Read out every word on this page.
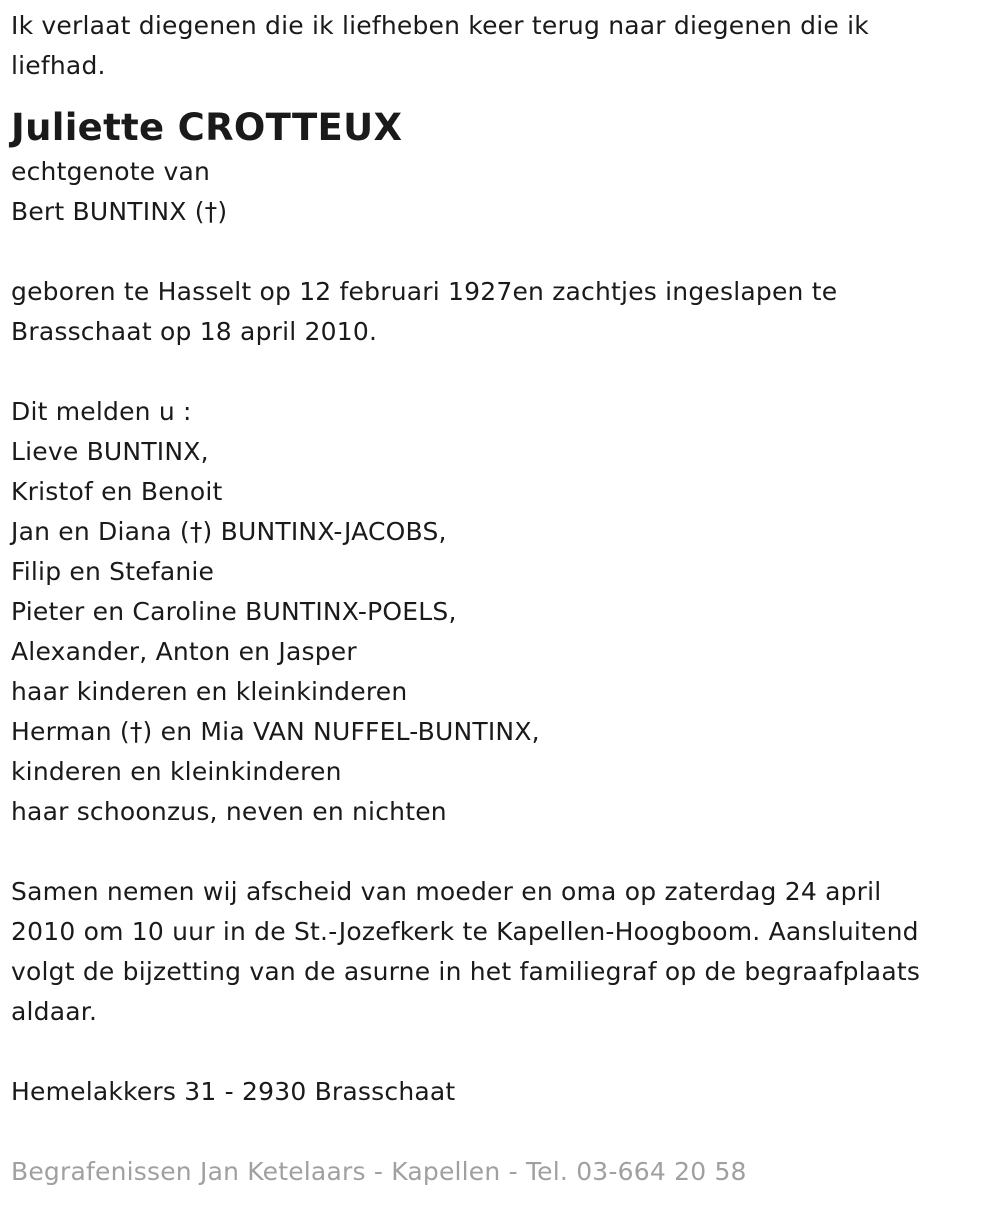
Ik verlaat diegenen die ik liefheben keer terug naar diegenen die ik
liefhad.
Juliette CROTTEUX
echtgenote van
Bert BUNTINX (†)
geboren te Hasselt op 12 februari 1927en zachtjes ingeslapen te
Brasschaat op 18 april 2010.
Dit melden u :
Lieve BUNTINX,
Kristof en Benoit
Jan en Diana (†) BUNTINX-JACOBS,
Filip en Stefanie
Pieter en Caroline BUNTINX-POELS,
Alexander, Anton en Jasper
haar kinderen en kleinkinderen
Herman (†) en Mia VAN NUFFEL-BUNTINX,
kinderen en kleinkinderen
haar schoonzus, neven en nichten
Samen nemen wij afscheid van moeder en oma op zaterdag 24 april
2010 om 10 uur in de St.-Jozefkerk te Kapellen-Hoogboom. Aansluitend
volgt de bijzetting van de asurne in het familiegraf op de begraafplaats
aldaar.
Hemelakkers 31 - 2930 Brasschaat
Begrafenissen Jan Ketelaars - Kapellen - Tel. 03-664 20 58
